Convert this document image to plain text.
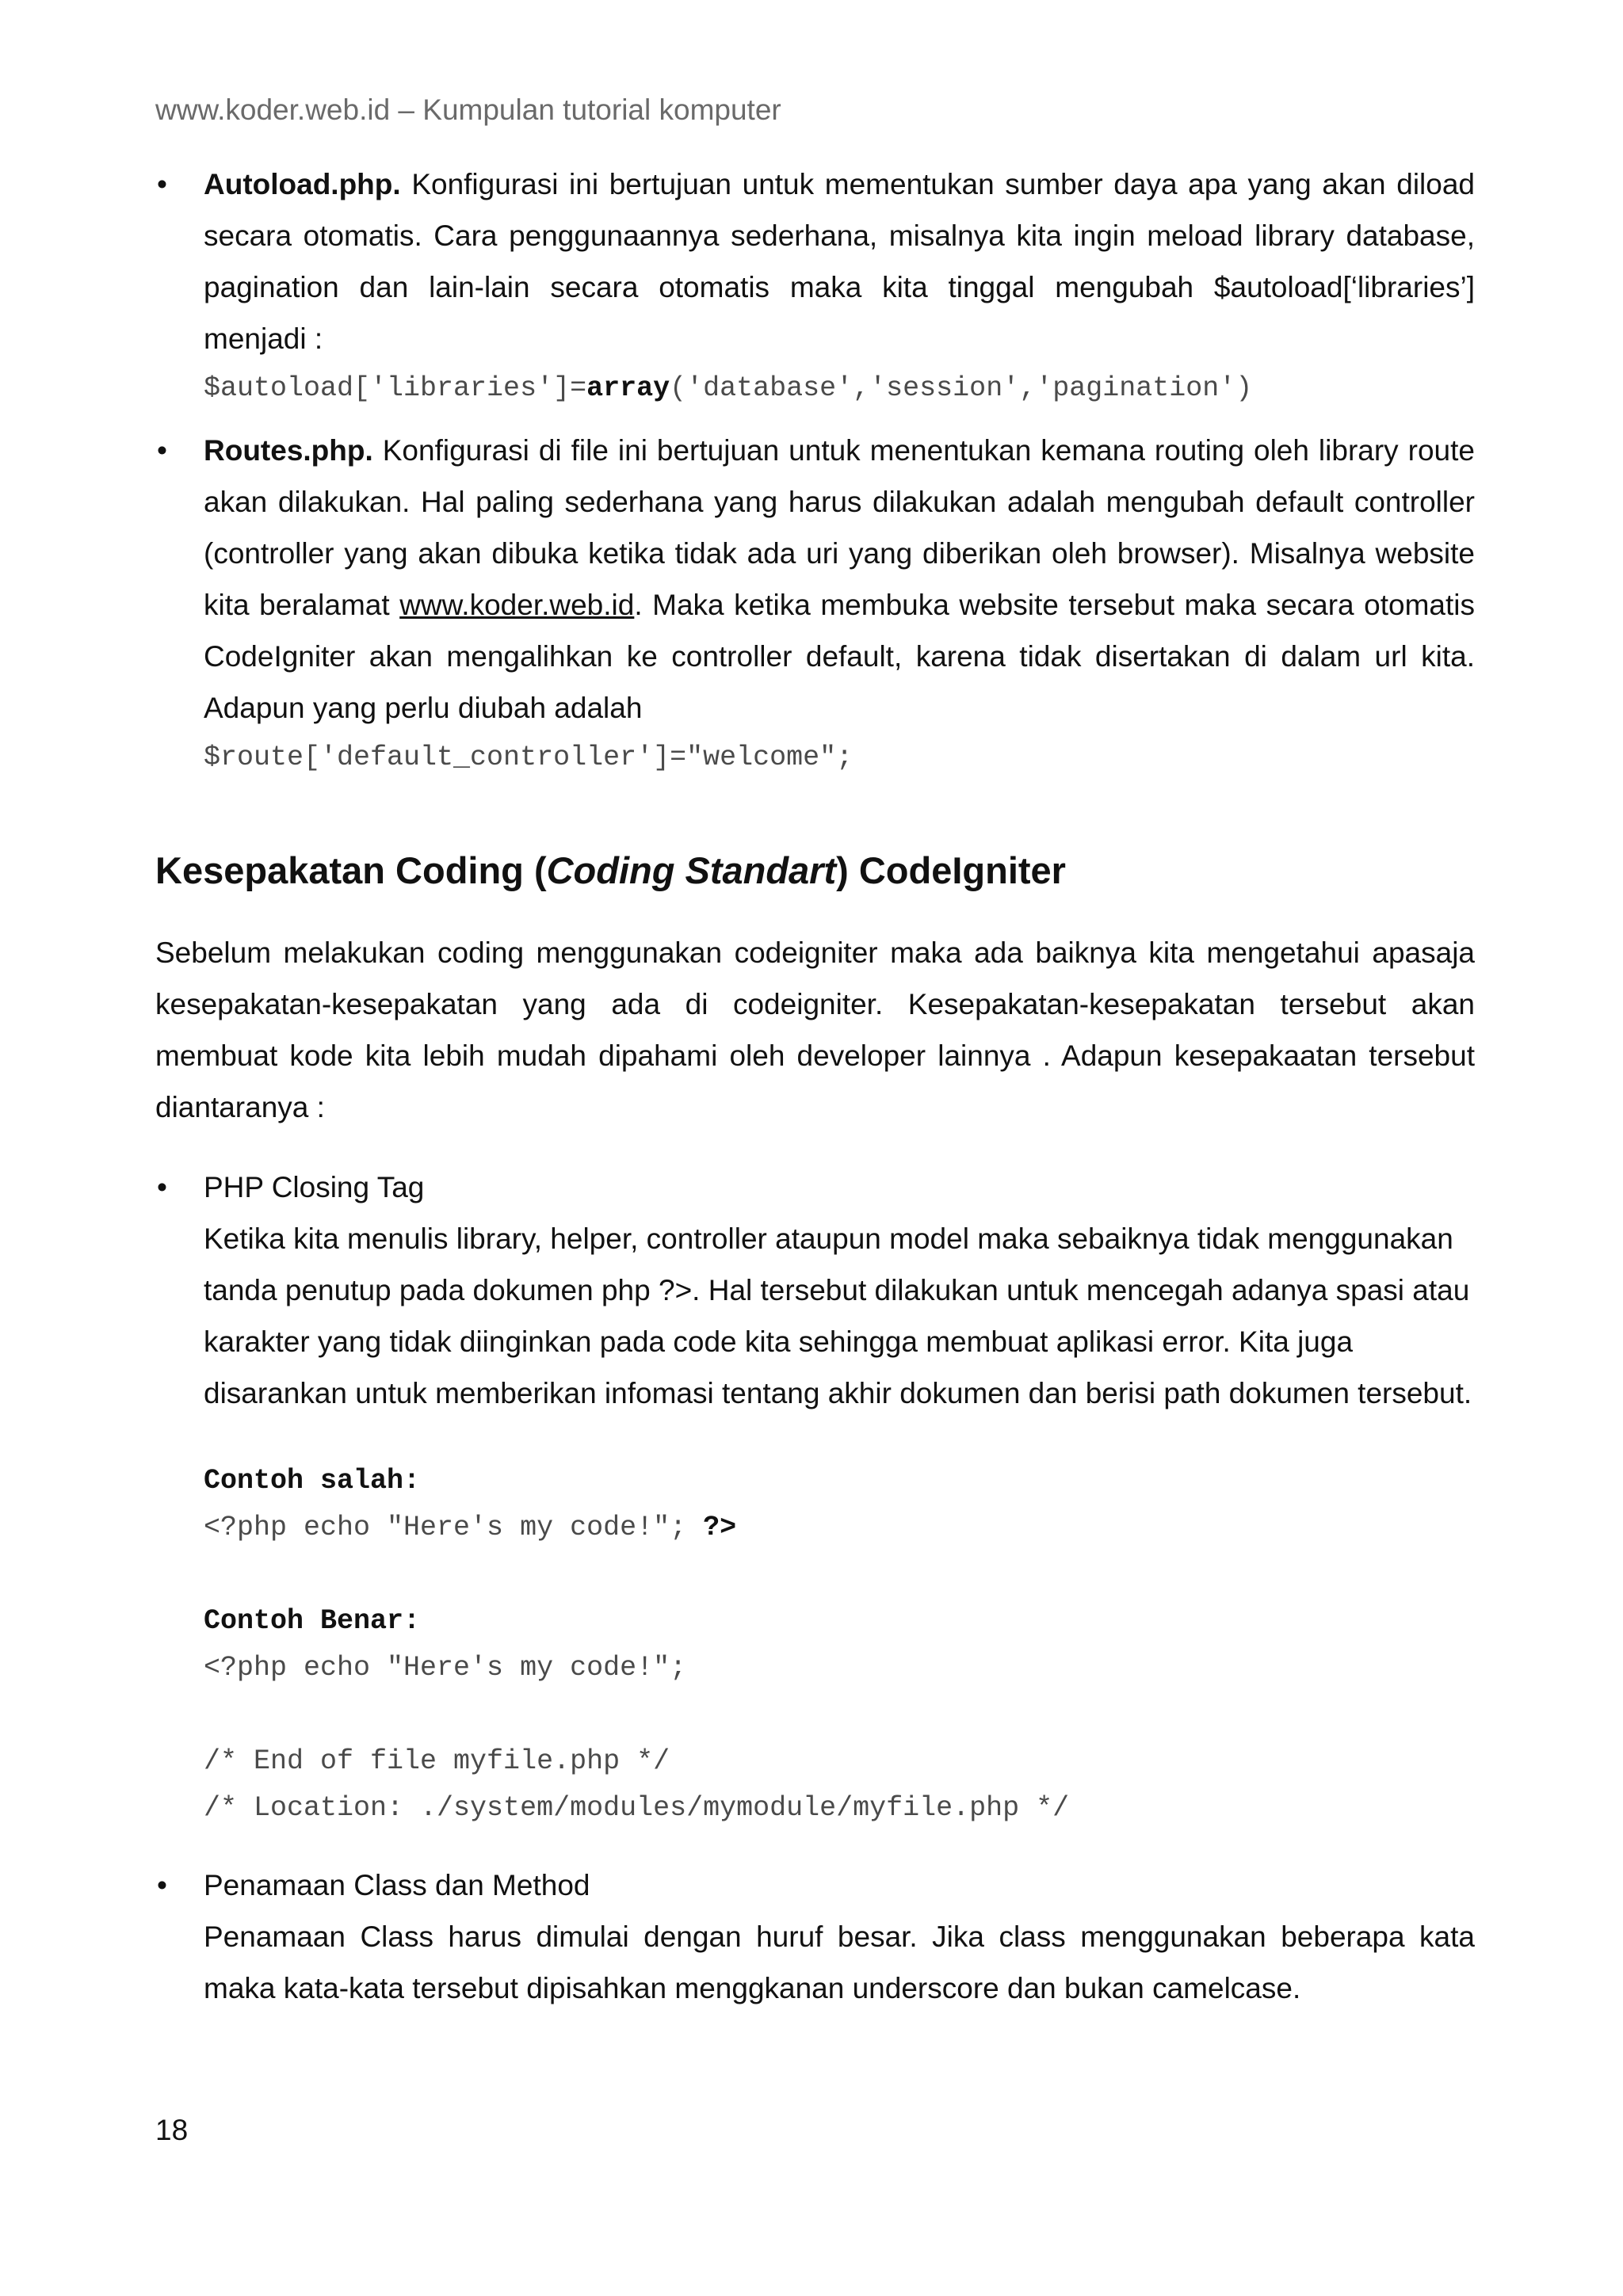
www.koder.web.id – Kumpulan tutorial komputer
• Autoload.php. Konfigurasi ini bertujuan untuk mementukan sumber daya apa yang akan diload secara otomatis. Cara penggunaannya sederhana, misalnya kita ingin meload library database, pagination dan lain-lain secara otomatis maka kita tinggal mengubah $autoload[‘libraries’] menjadi :

$autoload['libraries']=array('database','session','pagination')
• Routes.php. Konfigurasi di file ini bertujuan untuk menentukan kemana routing oleh library route akan dilakukan. Hal paling sederhana yang harus dilakukan adalah mengubah default controller (controller yang akan dibuka ketika tidak ada uri yang diberikan oleh browser). Misalnya website kita beralamat www.koder.web.id. Maka ketika membuka website tersebut maka secara otomatis CodeIgniter akan mengalihkan ke controller default, karena tidak disertakan di dalam url kita. Adapun yang perlu diubah adalah

$route['default_controller']="welcome";
Kesepakatan Coding (Coding Standart) CodeIgniter

Sebelum melakukan coding menggunakan codeigniter maka ada baiknya kita mengetahui apasaja kesepakatan-kesepakatan yang ada di codeigniter. Kesepakatan-kesepakatan tersebut akan membuat kode kita lebih mudah dipahami oleh developer lainnya . Adapun kesepakaatan tersebut diantaranya :

• PHP Closing Tag

Ketika kita menulis library, helper, controller ataupun model maka sebaiknya tidak menggunakan tanda penutup pada dokumen php ?>. Hal tersebut dilakukan untuk mencegah adanya spasi atau karakter yang tidak diinginkan pada code kita sehingga membuat aplikasi error. Kita juga disarankan untuk memberikan infomasi tentang akhir dokumen dan berisi path dokumen tersebut.

Contoh salah:
<?php echo "Here's my code!"; ?>
Contoh Benar:
<?php echo "Here's my code!";
/* End of file myfile.php */
/* Location: ./system/modules/mymodule/myfile.php */
• Penamaan Class dan Method

Penamaan Class harus dimulai dengan huruf besar. Jika class menggunakan beberapa kata maka kata-kata tersebut dipisahkan menggkanan underscore dan bukan camelcase.

18
